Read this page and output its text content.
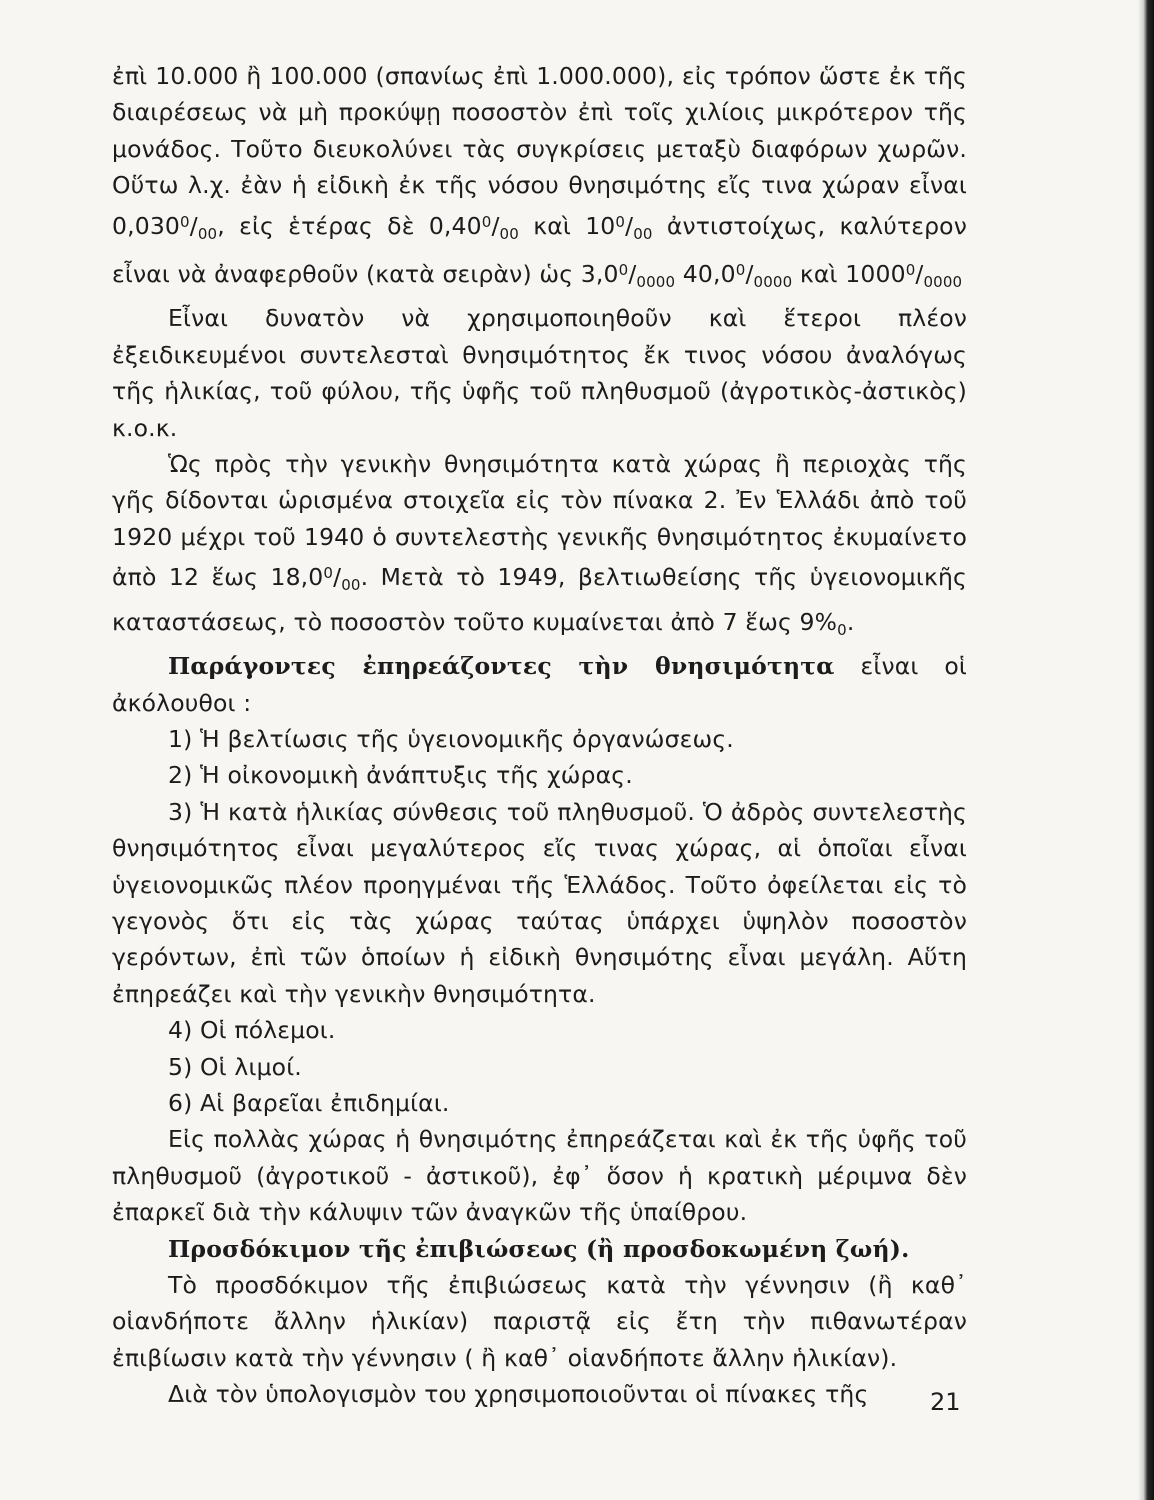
ἐπὶ 10.000 ἢ 100.000 (σπανίως ἐπὶ 1.000.000), εἰς τρόπον ὥστε ἐκ τῆς διαιρέσεως νὰ μὴ προκύψῃ ποσοστὸν ἐπὶ τοῖς χιλίοις μικρότερον τῆς μονάδος. Τοῦτο διευκολύνει τὰς συγκρίσεις μεταξὺ διαφόρων χωρῶν. Οὕτω λ.χ. ἐὰν ἡ εἰδικὴ ἐκ τῆς νόσου θνησιμότης εἴς τινα χώραν εἶναι $0,030^0/_{00}$, εἰς ἑτέρας δὲ $0,40^0/_{00}$ καὶ $10^0/_{00}$ ἀντιστοίχως, καλύτερον εἶναι νὰ ἀναφερθοῦν (κατὰ σειρὰν) ὡς $3,0^0/_{0000}$ $40,0^0/_{0000}$ καὶ $1000^0/_{0000}$

Εἶναι δυνατὸν νὰ χρησιμοποιηθοῦν καὶ ἕτεροι πλέον ἐξειδικευμένοι συντελεσταὶ θνησιμότητος ἔκ τινος νόσου ἀναλόγως τῆς ἡλικίας, τοῦ φύλου, τῆς ὑφῆς τοῦ πληθυσμοῦ (ἀγροτικὸς-ἀστικὸς) κ.ο.κ.

Ὡς πρὸς τὴν γενικὴν θνησιμότητα κατὰ χώρας ἢ περιοχὰς τῆς γῆς δίδονται ὡρισμένα στοιχεῖα εἰς τὸν πίνακα 2. Ἐν Ἑλλάδι ἀπὸ τοῦ 1920 μέχρι τοῦ 1940 ὁ συντελεστὴς γενικῆς θνησιμότητος ἐκυμαίνετο ἀπὸ 12 ἕως $18,0^0/_{00}$. Μετὰ τὸ 1949, βελτιωθείσης τῆς ὑγειονομικῆς καταστάσεως, τὸ ποσοστὸν τοῦτο κυμαίνεται ἀπὸ 7 ἕως $9\%_0$.

Παράγοντες ἐπηρεάζοντες τὴν θνησιμότητα εἶναι οἱ ἀκόλουθοι :

1) Ἡ βελτίωσις τῆς ὑγειονομικῆς ὀργανώσεως.

2) Ἡ οἰκονομικὴ ἀνάπτυξις τῆς χώρας.

3) Ἡ κατὰ ἡλικίας σύνθεσις τοῦ πληθυσμοῦ. Ὁ ἀδρὸς συντελεστὴς θνησιμότητος εἶναι μεγαλύτερος εἴς τινας χώρας, αἱ ὁποῖαι εἶναι ὑγειονομικῶς πλέον προηγμέναι τῆς Ἑλλάδος. Τοῦτο ὀφείλεται εἰς τὸ γεγονὸς ὅτι εἰς τὰς χώρας ταύτας ὑπάρχει ὑψηλὸν ποσοστὸν γερόντων, ἐπὶ τῶν ὁποίων ἡ εἰδικὴ θνησιμότης εἶναι μεγάλη. Αὕτη ἐπηρεάζει καὶ τὴν γενικὴν θνησιμότητα.

4) Οἱ πόλεμοι.

5) Οἱ λιμοί.

6) Αἱ βαρεῖαι ἐπιδημίαι.

Εἰς πολλὰς χώρας ἡ θνησιμότης ἐπηρεάζεται καὶ ἐκ τῆς ὑφῆς τοῦ πληθυσμοῦ (ἀγροτικοῦ - ἀστικοῦ), ἐφ᾽ ὅσον ἡ κρατικὴ μέριμνα δὲν ἐπαρκεῖ διὰ τὴν κάλυψιν τῶν ἀναγκῶν τῆς ὑπαίθρου.

Προσδόκιμον τῆς ἐπιβιώσεως (ἢ προσδοκωμένη ζωή).

Τὸ προσδόκιμον τῆς ἐπιβιώσεως κατὰ τὴν γέννησιν (ἢ καθ᾽ οἱανδήποτε ἄλλην ἡλικίαν) παριστᾷ εἰς ἔτη τὴν πιθανωτέραν ἐπιβίωσιν κατὰ τὴν γέννησιν ( ἢ καθ᾽ οἱανδήποτε ἄλλην ἡλικίαν).

Διὰ τὸν ὑπολογισμὸν του χρησιμοποιοῦνται οἱ πίνακες τῆς	21
